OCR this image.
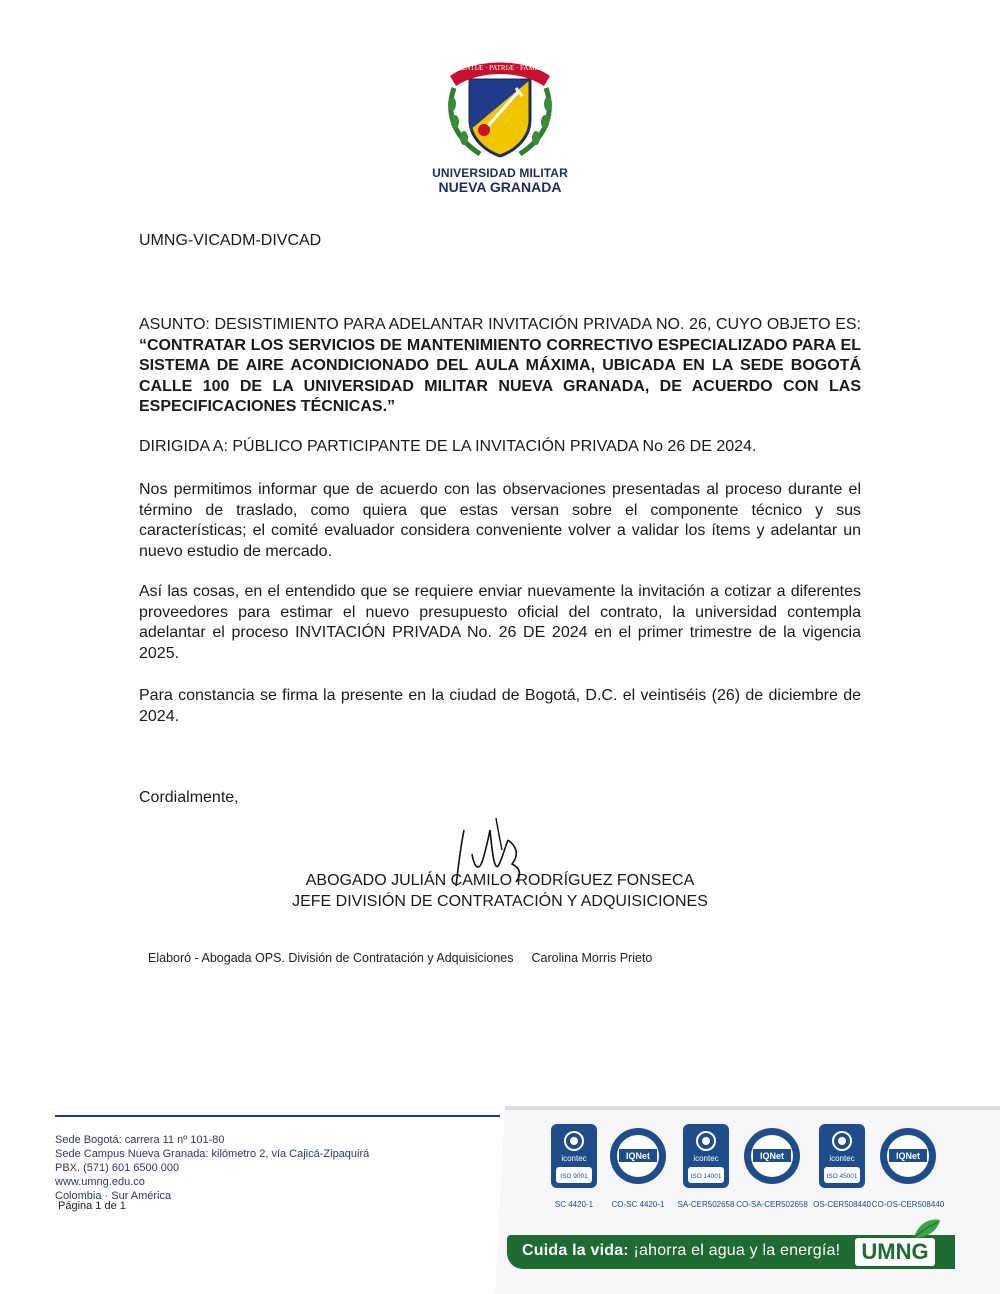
SCIENTIÆ · PATRIÆ · FAMILIÆ
UNIVERSIDAD MILITAR
NUEVA GRANADA
UMNG-VICADM-DIVCAD
ASUNTO: DESISTIMIENTO PARA ADELANTAR INVITACIÓN PRIVADA NO. 26, CUYO OBJETO ES: “CONTRATAR LOS SERVICIOS DE MANTENIMIENTO CORRECTIVO ESPECIALIZADO PARA EL SISTEMA DE AIRE ACONDICIONADO DEL AULA MÁXIMA, UBICADA EN LA SEDE BOGOTÁ CALLE 100 DE LA UNIVERSIDAD MILITAR NUEVA GRANADA, DE ACUERDO CON LAS ESPECIFICACIONES TÉCNICAS.”
DIRIGIDA A: PÚBLICO PARTICIPANTE DE LA INVITACIÓN PRIVADA No 26 DE 2024.
Nos permitimos informar que de acuerdo con las observaciones presentadas al proceso durante el término de traslado, como quiera que estas versan sobre el componente técnico y sus características; el comité evaluador considera conveniente volver a validar los ítems y adelantar un nuevo estudio de mercado.
Así las cosas, en el entendido que se requiere enviar nuevamente la invitación a cotizar a diferentes proveedores para estimar el nuevo presupuesto oficial del contrato, la universidad contempla adelantar el proceso INVITACIÓN PRIVADA No. 26 DE 2024 en el primer trimestre de la vigencia 2025.
Para constancia se firma la presente en la ciudad de Bogotá, D.C. el veintiséis (26) de diciembre de 2024.
Cordialmente,
ABOGADO JULIÁN CAMILO RODRÍGUEZ FONSECA
JEFE DIVISIÓN DE CONTRATACIÓN Y ADQUISICIONES
Elaboró - Abogada OPS. División de Contratación y Adquisiciones Carolina Morris Prieto
Sede Bogotá: carrera 11 nº 101-80
Sede Campus Nueva Granada: kilómetro 2, vía Cajicá-Zipaquirá
PBX. (571) 601 6500 000
www.umng.edu.co
Colombia · Sur América
Página 1 de 1
icontec
ISO 9001
SC 4420-1
IQNet
CO-SC 4420-1
icontec
ISO 14001
SA-CER502658
IQNet
CO-SA-CER502658
icontec
ISO 45001
OS-CER508440
IQNet
CO-OS-CER508440
Cuida la vida: ¡ahorra el agua y la energía! UMNG
